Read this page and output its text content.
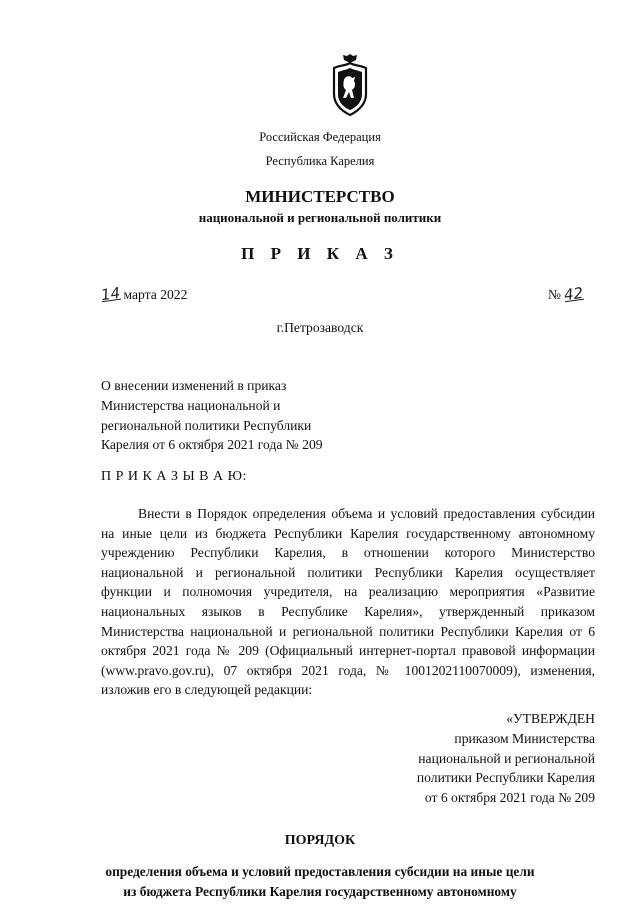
Российская Федерация
Республика Карелия
МИНИСТЕРСТВО
национальной и региональной политики
П Р И К А З
14 марта 2022	№ 42
г.Петрозаводск
О внесении изменений в приказ
Министерства национальной и
региональной политики Республики
Карелия от 6 октября 2021 года № 209
П Р И К А З Ы В А Ю:
Внести в Порядок определения объема и условий предоставления субсидии на иные цели из бюджета Республики Карелия государственному автономному учреждению Республики Карелия, в отношении которого Министерство национальной и региональной политики Республики Карелия осуществляет функции и полномочия учредителя, на реализацию мероприятия «Развитие национальных языков в Республике Карелия», утвержденный приказом Министерства национальной и региональной политики Республики Карелия от 6 октября 2021 года № 209 (Официальный интернет-портал правовой информации (www.pravo.gov.ru), 07 октября 2021 года, № 1001202110070009), изменения, изложив его в следующей редакции:
«УТВЕРЖДЕН
приказом Министерства
национальной и региональной
политики Республики Карелия
от 6 октября 2021 года № 209
ПОРЯДОК
определения объема и условий предоставления субсидии на иные цели
из бюджета Республики Карелия государственному автономному
